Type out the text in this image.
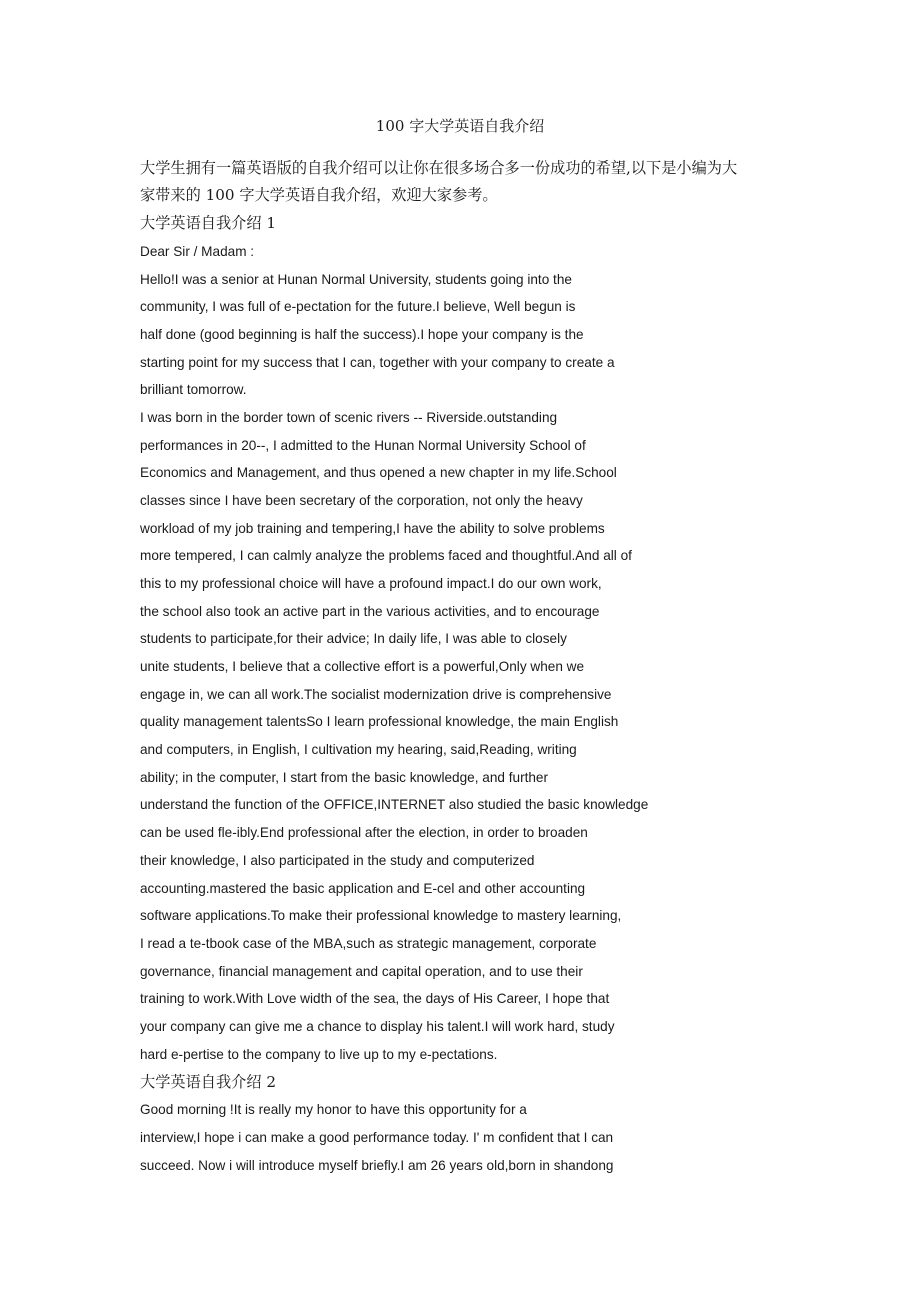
100 字大学英语自我介绍
大学生拥有一篇英语版的自我介绍可以让你在很多场合多一份成功的希望,以下是小编为大
家带来的 100 字大学英语自我介绍，欢迎大家参考。
大学英语自我介绍 1
Dear Sir / Madam :
Hello!I was a senior at Hunan Normal University, students going into the
community, I was full of e-pectation for the future.I believe, Well begun is
half done (good beginning is half the success).I hope your company is the
starting point for my success that I can, together with your company to create a
brilliant tomorrow.
I was born in the border town of scenic rivers -- Riverside.outstanding
performances in 20--, I admitted to the Hunan Normal University School of
Economics and Management, and thus opened a new chapter in my life.School
classes since I have been secretary of the corporation, not only the heavy
workload of my job training and tempering,I have the ability to solve problems
more tempered, I can calmly analyze the problems faced and thoughtful.And all of
this to my professional choice will have a profound impact.I do our own work,
the school also took an active part in the various activities, and to encourage
students to participate,for their advice; In daily life, I was able to closely
unite students, I believe that a collective effort is a powerful,Only when we
engage in, we can all work.The socialist modernization drive is comprehensive
quality management talentsSo I learn professional knowledge, the main English
and computers, in English, I cultivation my hearing, said,Reading, writing
ability; in the computer, I start from the basic knowledge, and further
understand the function of the OFFICE,INTERNET also studied the basic knowledge
can be used fle-ibly.End professional after the election, in order to broaden
their knowledge, I also participated in the study and computerized
accounting.mastered the basic application and E-cel and other accounting
software applications.To make their professional knowledge to mastery learning,
I read a te-tbook case of the MBA,such as strategic management, corporate
governance, financial management and capital operation, and to use their
training to work.With Love width of the sea, the days of His Career, I hope that
your company can give me a chance to display his talent.I will work hard, study
hard e-pertise to the company to live up to my e-pectations.
大学英语自我介绍 2
Good morning !It is really my honor to have this opportunity for a
interview,I hope i can make a good performance today. I' m confident that I can
succeed. Now i will introduce myself briefly.I am 26 years old,born in shandong
